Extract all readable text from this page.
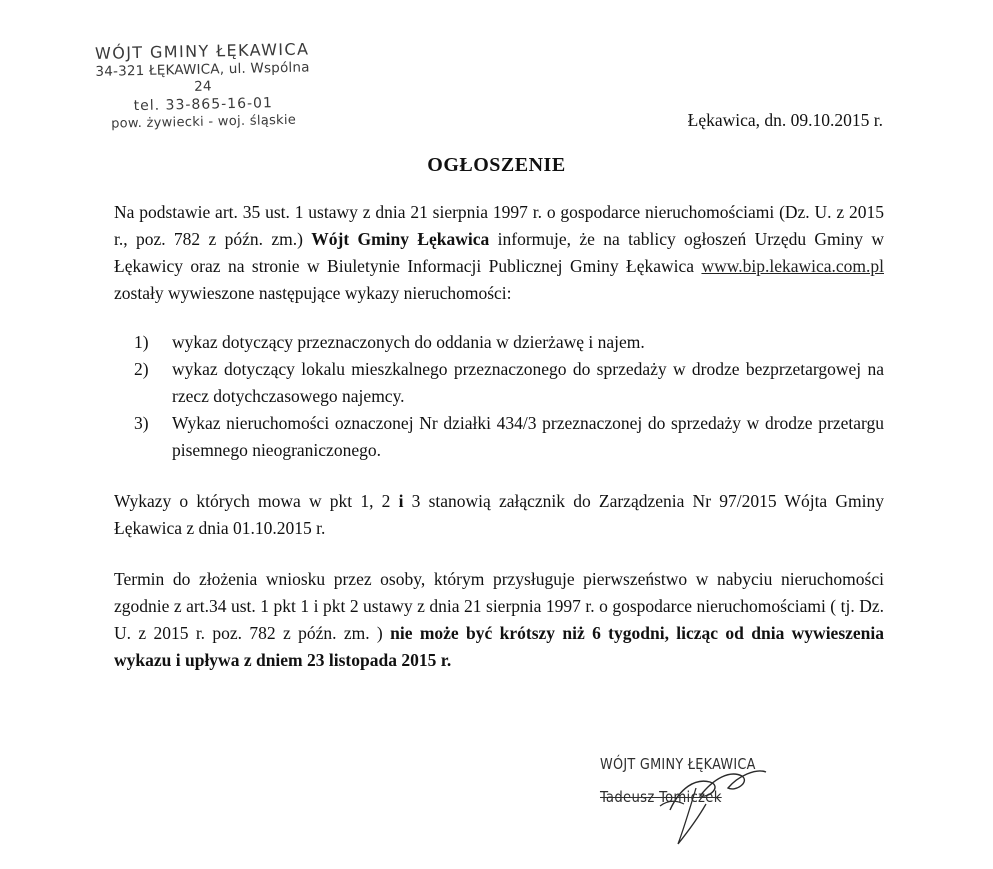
WÓJT GMINY ŁĘKAWICA
34-321 ŁĘKAWICA, ul. Wspólna 24
tel. 33-865-16-01
pow. żywiecki - woj. śląskie	Łękawica, dn. 09.10.2015 r.
OGŁOSZENIE

Na podstawie art. 35 ust. 1 ustawy z dnia 21 sierpnia 1997 r. o gospodarce nieruchomościami (Dz. U. z 2015 r., poz. 782 z późn. zm.) Wójt Gminy Łękawica informuje, że na tablicy ogłoszeń Urzędu Gminy w Łękawicy oraz na stronie w Biuletynie Informacji Publicznej Gminy Łękawica www.bip.lekawica.com.pl zostały wywieszone następujące wykazy nieruchomości:

1) wykaz dotyczący przeznaczonych do oddania w dzierżawę i najem.
2) wykaz dotyczący lokalu mieszkalnego przeznaczonego do sprzedaży w drodze bezprzetargowej na rzecz dotychczasowego najemcy.
3) Wykaz nieruchomości oznaczonej Nr działki 434/3 przeznaczonej do sprzedaży w drodze przetargu pisemnego nieograniczonego.

Wykazy o których mowa w pkt 1, 2 i 3 stanowią załącznik do Zarządzenia Nr 97/2015 Wójta Gminy Łękawica z dnia 01.10.2015 r.

Termin do złożenia wniosku przez osoby, którym przysługuje pierwszeństwo w nabyciu nieruchomości zgodnie z art.34 ust. 1 pkt 1 i pkt 2 ustawy z dnia 21 sierpnia 1997 r. o gospodarce nieruchomościami ( tj. Dz. U. z 2015 r. poz. 782 z późn. zm. ) nie może być krótszy niż 6 tygodni, licząc od dnia wywieszenia wykazu i upływa z dniem 23 listopada 2015 r.

WÓJT GMINY ŁĘKAWICA
Tadeusz Tomiczek
